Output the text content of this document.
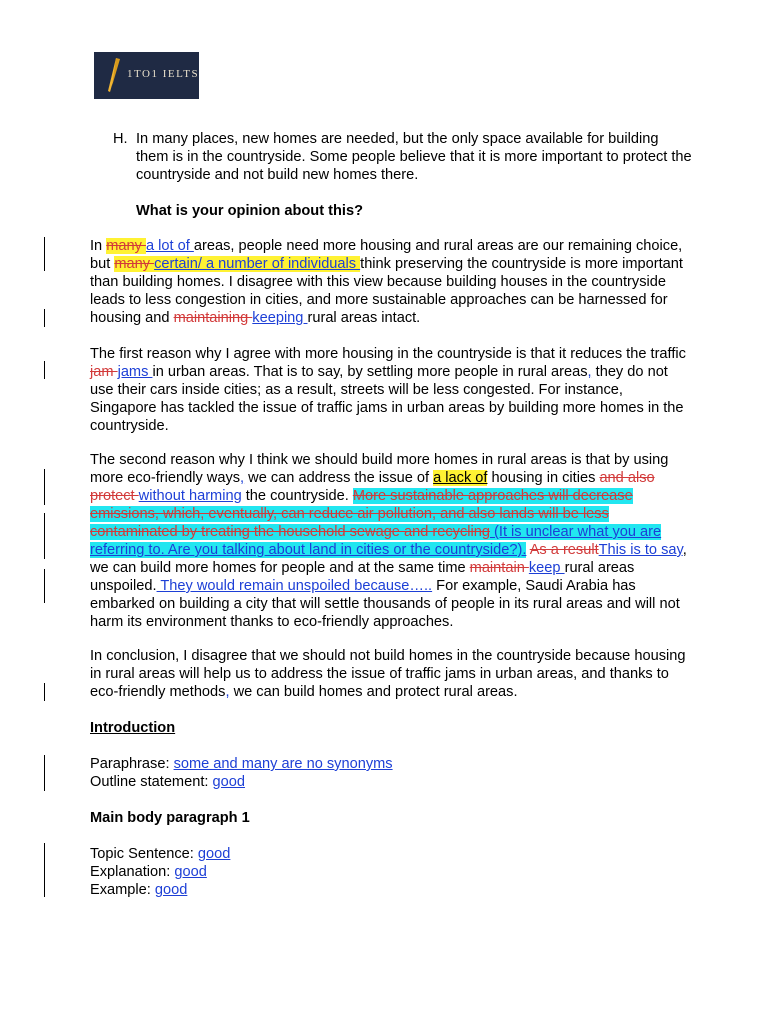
1TO1 IELTS
H. In many places, new homes are needed, but the only space available for building them is in the countryside. Some people believe that it is more important to protect the countryside and not build new homes there.
What is your opinion about this?
In many a lot of areas, people need more housing and rural areas are our remaining choice, but many certain/ a number of individuals think preserving the countryside is more important than building homes. I disagree with this view because building houses in the countryside leads to less congestion in cities, and more sustainable approaches can be harnessed for housing and maintaining keeping rural areas intact.
The first reason why I agree with more housing in the countryside is that it reduces the traffic jam jams in urban areas. That is to say, by settling more people in rural areas, they do not use their cars inside cities; as a result, streets will be less congested. For instance, Singapore has tackled the issue of traffic jams in urban areas by building more homes in the countryside.
The second reason why I think we should build more homes in rural areas is that by using more eco-friendly ways, we can address the issue of a lack of housing in cities and also protect without harming the countryside. More sustainable approaches will decrease emissions, which, eventually, can reduce air pollution, and also lands will be less contaminated by treating the household sewage and recycling (It is unclear what you are referring to. Are you talking about land in cities or the countryside?). As a resultThis is to say, we can build more homes for people and at the same time maintain keep rural areas unspoiled. They would remain unspoiled because….. For example, Saudi Arabia has embarked on building a city that will settle thousands of people in its rural areas and will not harm its environment thanks to eco-friendly approaches.
In conclusion, I disagree that we should not build homes in the countryside because housing in rural areas will help us to address the issue of traffic jams in urban areas, and thanks to eco-friendly methods, we can build homes and protect rural areas.
Introduction
Paraphrase: some and many are no synonyms
Outline statement: good
Main body paragraph 1
Topic Sentence: good
Explanation: good
Example: good
